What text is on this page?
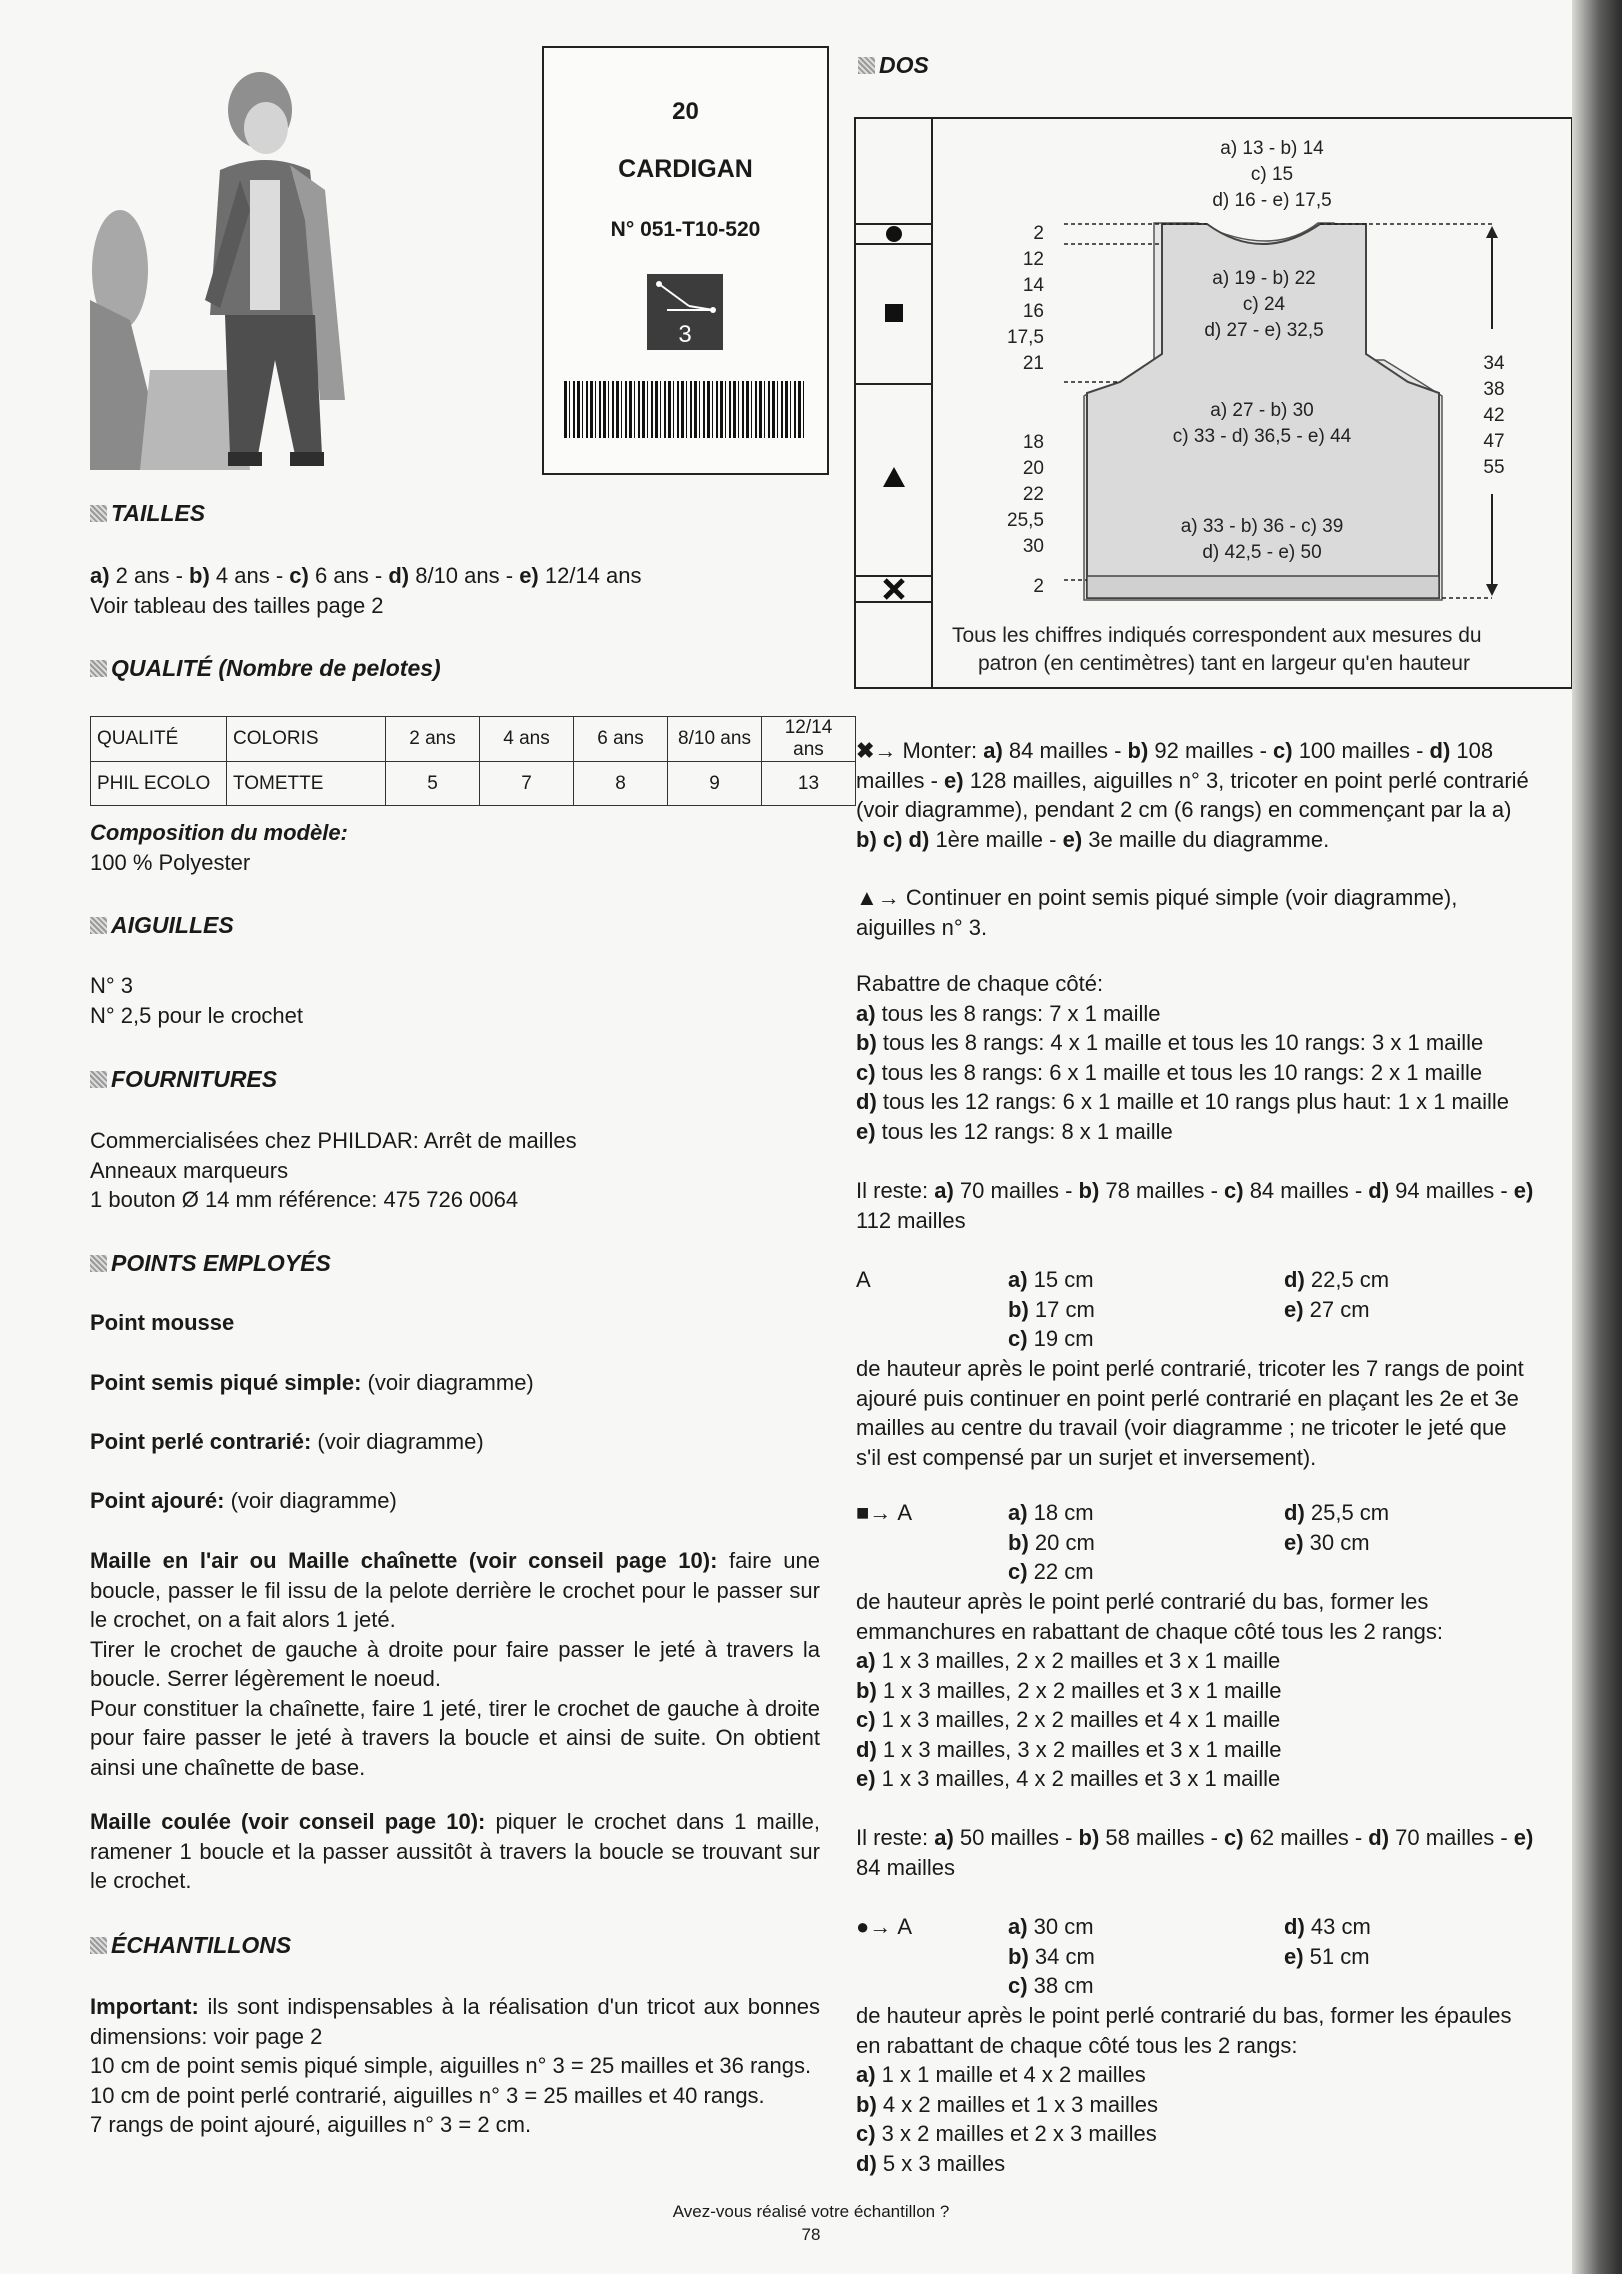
20
CARDIGAN
N° 051-T10-520
3
TAILLES

a) 2 ans - b) 4 ans - c) 6 ans - d) 8/10 ans - e) 12/14 ans

Voir tableau des tailles page 2

QUALITÉ (Nombre de pelotes)
QUALITÉ	COLORIS	2 ans	4 ans	6 ans	8/10 ans	12/14 ans
PHIL ECOLO	TOMETTE	5	7	8	9	13

Composition du modèle:

100 % Polyester

AIGUILLES

N° 3

N° 2,5 pour le crochet

FOURNITURES

Commercialisées chez PHILDAR: Arrêt de mailles

Anneaux marqueurs

1 bouton Ø 14 mm référence: 475 726 0064

POINTS EMPLOYÉS

Point mousse

Point semis piqué simple: (voir diagramme)

Point perlé contrarié: (voir diagramme)

Point ajouré: (voir diagramme)

Maille en l'air ou Maille chaînette (voir conseil page 10): faire une boucle, passer le fil issu de la pelote derrière le crochet pour le passer sur le crochet, on a fait alors 1 jeté.

Tirer le crochet de gauche à droite pour faire passer le jeté à travers la boucle. Serrer légèrement le noeud.

Pour constituer la chaînette, faire 1 jeté, tirer le crochet de gauche à droite pour faire passer le jeté à travers la boucle et ainsi de suite. On obtient ainsi une chaînette de base.

Maille coulée (voir conseil page 10): piquer le crochet dans 1 maille, ramener 1 boucle et la passer aussitôt à travers la boucle se trouvant sur le crochet.

ÉCHANTILLONS

Important: ils sont indispensables à la réalisation d'un tricot aux bonnes dimensions: voir page 2

10 cm de point semis piqué simple, aiguilles n° 3 = 25 mailles et 36 rangs.

10 cm de point perlé contrarié, aiguilles n° 3 = 25 mailles et 40 rangs.

7 rangs de point ajouré, aiguilles n° 3 = 2 cm.

DOS
a) 13 - b) 14
c) 15
d) 16 - e) 17,5
a) 19 - b) 22
c) 24
d) 27 - e) 32,5
a) 27 - b) 30
c) 33 - d) 36,5 - e) 44
a) 33 - b) 36 - c) 39
d) 42,5 - e) 50
2
12
14
16
17,5
21
18
20
22
25,5
30
2
34
38
42
47
55
Tous les chiffres indiqués correspondent aux mesures du
patron (en centimètres) tant en largeur qu'en hauteur

✖→ Monter: a) 84 mailles - b) 92 mailles - c) 100 mailles - d) 108

mailles - e) 128 mailles, aiguilles n° 3, tricoter en point perlé contrarié

(voir diagramme), pendant 2 cm (6 rangs) en commençant par la a)

b) c) d) 1ère maille - e) 3e maille du diagramme.

▲→ Continuer en point semis piqué simple (voir diagramme),

aiguilles n° 3.

Rabattre de chaque côté:

a) tous les 8 rangs: 7 x 1 maille

b) tous les 8 rangs: 4 x 1 maille et tous les 10 rangs: 3 x 1 maille

c) tous les 8 rangs: 6 x 1 maille et tous les 10 rangs: 2 x 1 maille

d) tous les 12 rangs: 6 x 1 maille et 10 rangs plus haut: 1 x 1 maille

e) tous les 12 rangs: 8 x 1 maille

Il reste: a) 70 mailles - b) 78 mailles - c) 84 mailles - d) 94 mailles - e)

112 mailles

A	a) 15 cm

b) 17 cm

c) 19 cm

d) 22,5 cm

e) 27 cm

de hauteur après le point perlé contrarié, tricoter les 7 rangs de point

ajouré puis continuer en point perlé contrarié en plaçant les 2e et 3e

mailles au centre du travail (voir diagramme ; ne tricoter le jeté que

s'il est compensé par un surjet et inversement).

■→ A	a) 18 cm

b) 20 cm

c) 22 cm

d) 25,5 cm

e) 30 cm

de hauteur après le point perlé contrarié du bas, former les

emmanchures en rabattant de chaque côté tous les 2 rangs:

a) 1 x 3 mailles, 2 x 2 mailles et 3 x 1 maille

b) 1 x 3 mailles, 2 x 2 mailles et 3 x 1 maille

c) 1 x 3 mailles, 2 x 2 mailles et 4 x 1 maille

d) 1 x 3 mailles, 3 x 2 mailles et 3 x 1 maille

e) 1 x 3 mailles, 4 x 2 mailles et 3 x 1 maille

Il reste: a) 50 mailles - b) 58 mailles - c) 62 mailles - d) 70 mailles - e)

84 mailles

●→ A	a) 30 cm

b) 34 cm

c) 38 cm

d) 43 cm

e) 51 cm

de hauteur après le point perlé contrarié du bas, former les épaules

en rabattant de chaque côté tous les 2 rangs:

a) 1 x 1 maille et 4 x 2 mailles

b) 4 x 2 mailles et 1 x 3 mailles

c) 3 x 2 mailles et 2 x 3 mailles

d) 5 x 3 mailles

Avez-vous réalisé votre échantillon ?
78
